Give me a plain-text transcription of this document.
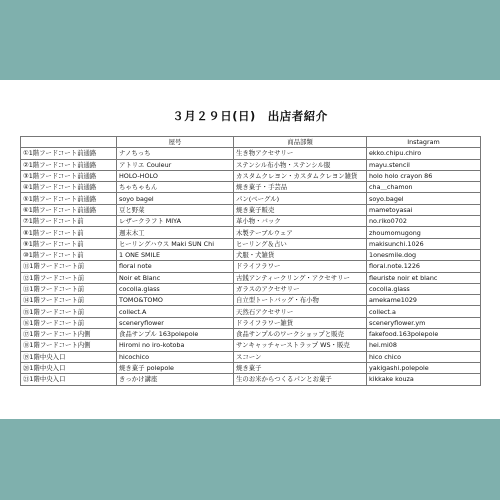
３月２９日(日)　出店者紹介
	屋号	商品部類	Instagram
①1階フードコート前通路	ナノちっち	生き物アクセサリー	ekko.chipu.chiro
②1階フードコート前通路	アトリエ Couleur	ステンシル布小物・ステンシル服	mayu.stencil
③1階フードコート前通路	HOLO-HOLO	カスタムクレヨン・カスタムクレヨン雑貨	holo holo crayon 86
④1階フードコート前通路	ちゃちゃもん	焼き菓子・手芸品	cha＿chamon
⑤1階フードコート前通路	soyo bagel	パン(ベーグル)	soyo.bagel
⑥1階フードコート前通路	豆と野菜	焼き菓子販売	mametoyasai
⑦1階フードコート前	レザークラフト MIYA	革小物・バック	no.riko0702
⑧1階フードコート前	週末木工	木製テーブルウェア	zhoumomugong
⑨1階フードコート前	ヒーリングハウス Maki SUN Chi	ヒーリング＆占い	makisunchi.1026
⑩1階フードコート前	1 ONE SMILE	犬服・犬雑貨	1onesmile.dog
⑪1階フードコート前	floral note	ドライフラワー	floral.note.1226
⑫1階フードコート前	Noir et Blanc	古銭アンティークリング・アクセサリー	fleuriste noir et blanc
⑬1階フードコート前	cocolla.glass	ガラスのアクセサリー	cocolla.glass
⑭1階フードコート前	TOMO&TOMO	自立型トートバッグ・布小物	amekame1029
⑮1階フードコート前	collect.A	天然石アクセサリー	collect.a
⑯1階フードコート前	sceneryflower	ドライフラワー雑貨	sceneryflower.ym
⑰1階フードコート内側	食品サンプル 163polepole	食品サンプルのワークショップと販売	fakefood.163polepole
⑱1階フードコート内側	Hiromi no iro-kotoba	サンキャッチャーストラップ WS・販売	hei.mi08
⑲1階中央入口	hicochico	スコーン	hico chico
⑳1階中央入口	焼き菓子 polepole	焼き菓子	yakigashi.polepole
㉑1階中央入口	きっかけ講座	生のお米からつくるパンとお菓子	kikkake kouza
